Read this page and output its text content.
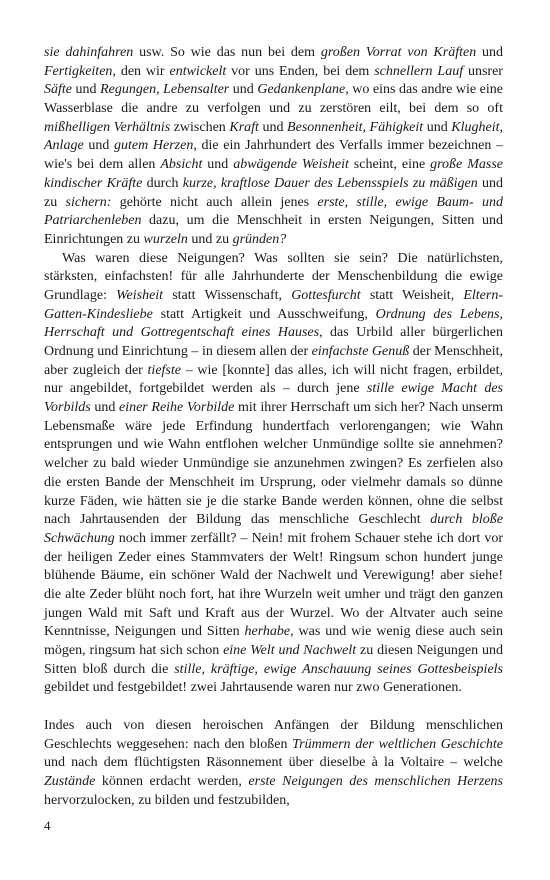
sie dahinfahren usw. So wie das nun bei dem großen Vorrat von Kräften und Fertigkeiten, den wir entwickelt vor uns Enden, bei dem schnellern Lauf unsrer Säfte und Regungen, Lebensalter und Gedankenplane, wo eins das andre wie eine Wasserblase die andre zu verfolgen und zu zerstören eilt, bei dem so oft mißhelligen Verhältnis zwischen Kraft und Besonnenheit, Fähigkeit und Klugheit, Anlage und gutem Herzen, die ein Jahrhundert des Verfalls immer bezeichnen – wie's bei dem allen Absicht und abwägende Weisheit scheint, eine große Masse kindischer Kräfte durch kurze, kraftlose Dauer des Lebensspiels zu mäßigen und zu sichern: gehörte nicht auch allein jenes erste, stille, ewige Baum- und Patriarchenleben dazu, um die Menschheit in ersten Neigungen, Sitten und Einrichtungen zu wurzeln und zu gründen?

Was waren diese Neigungen? Was sollten sie sein? Die natürlichsten, stärksten, einfachsten! für alle Jahrhunderte der Menschenbildung die ewige Grundlage: Weisheit statt Wissenschaft, Gottesfurcht statt Weisheit, Eltern-Gatten-Kindesliebe statt Artigkeit und Ausschweifung, Ordnung des Lebens, Herrschaft und Gottregentschaft eines Hauses, das Urbild aller bürgerlichen Ordnung und Einrichtung – in diesem allen der einfachste Genuß der Menschheit, aber zugleich der tiefste – wie [konnte] das alles, ich will nicht fragen, erbildet, nur angebildet, fortgebildet werden als – durch jene stille ewige Macht des Vorbilds und einer Reihe Vorbilde mit ihrer Herrschaft um sich her? Nach unserm Lebensmaße wäre jede Erfindung hundertfach verlorengangen; wie Wahn entsprungen und wie Wahn entflohen welcher Unmündige sollte sie annehmen? welcher zu bald wieder Unmündige sie anzunehmen zwingen? Es zerfielen also die ersten Bande der Menschheit im Ursprung, oder vielmehr damals so dünne kurze Fäden, wie hätten sie je die starke Bande werden können, ohne die selbst nach Jahrtausenden der Bildung das menschliche Geschlecht durch bloße Schwächung noch immer zerfällt? – Nein! mit frohem Schauer stehe ich dort vor der heiligen Zeder eines Stammvaters der Welt! Ringsum schon hundert junge blühende Bäume, ein schöner Wald der Nachwelt und Verewigung! aber siehe! die alte Zeder blüht noch fort, hat ihre Wurzeln weit umher und trägt den ganzen jungen Wald mit Saft und Kraft aus der Wurzel. Wo der Altvater auch seine Kenntnisse, Neigungen und Sitten herhabe, was und wie wenig diese auch sein mögen, ringsum hat sich schon eine Welt und Nachwelt zu diesen Neigungen und Sitten bloß durch die stille, kräftige, ewige Anschauung seines Gottesbeispiels gebildet und festgebildet! zwei Jahrtausende waren nur zwo Generationen.

Indes auch von diesen heroischen Anfängen der Bildung menschlichen Geschlechts weggesehen: nach den bloßen Trümmern der weltlichen Geschichte und nach dem flüchtigsten Räsonnement über dieselbe à la Voltaire – welche Zustände können erdacht werden, erste Neigungen des menschlichen Herzens hervorzulocken, zu bilden und festzubilden,

4
